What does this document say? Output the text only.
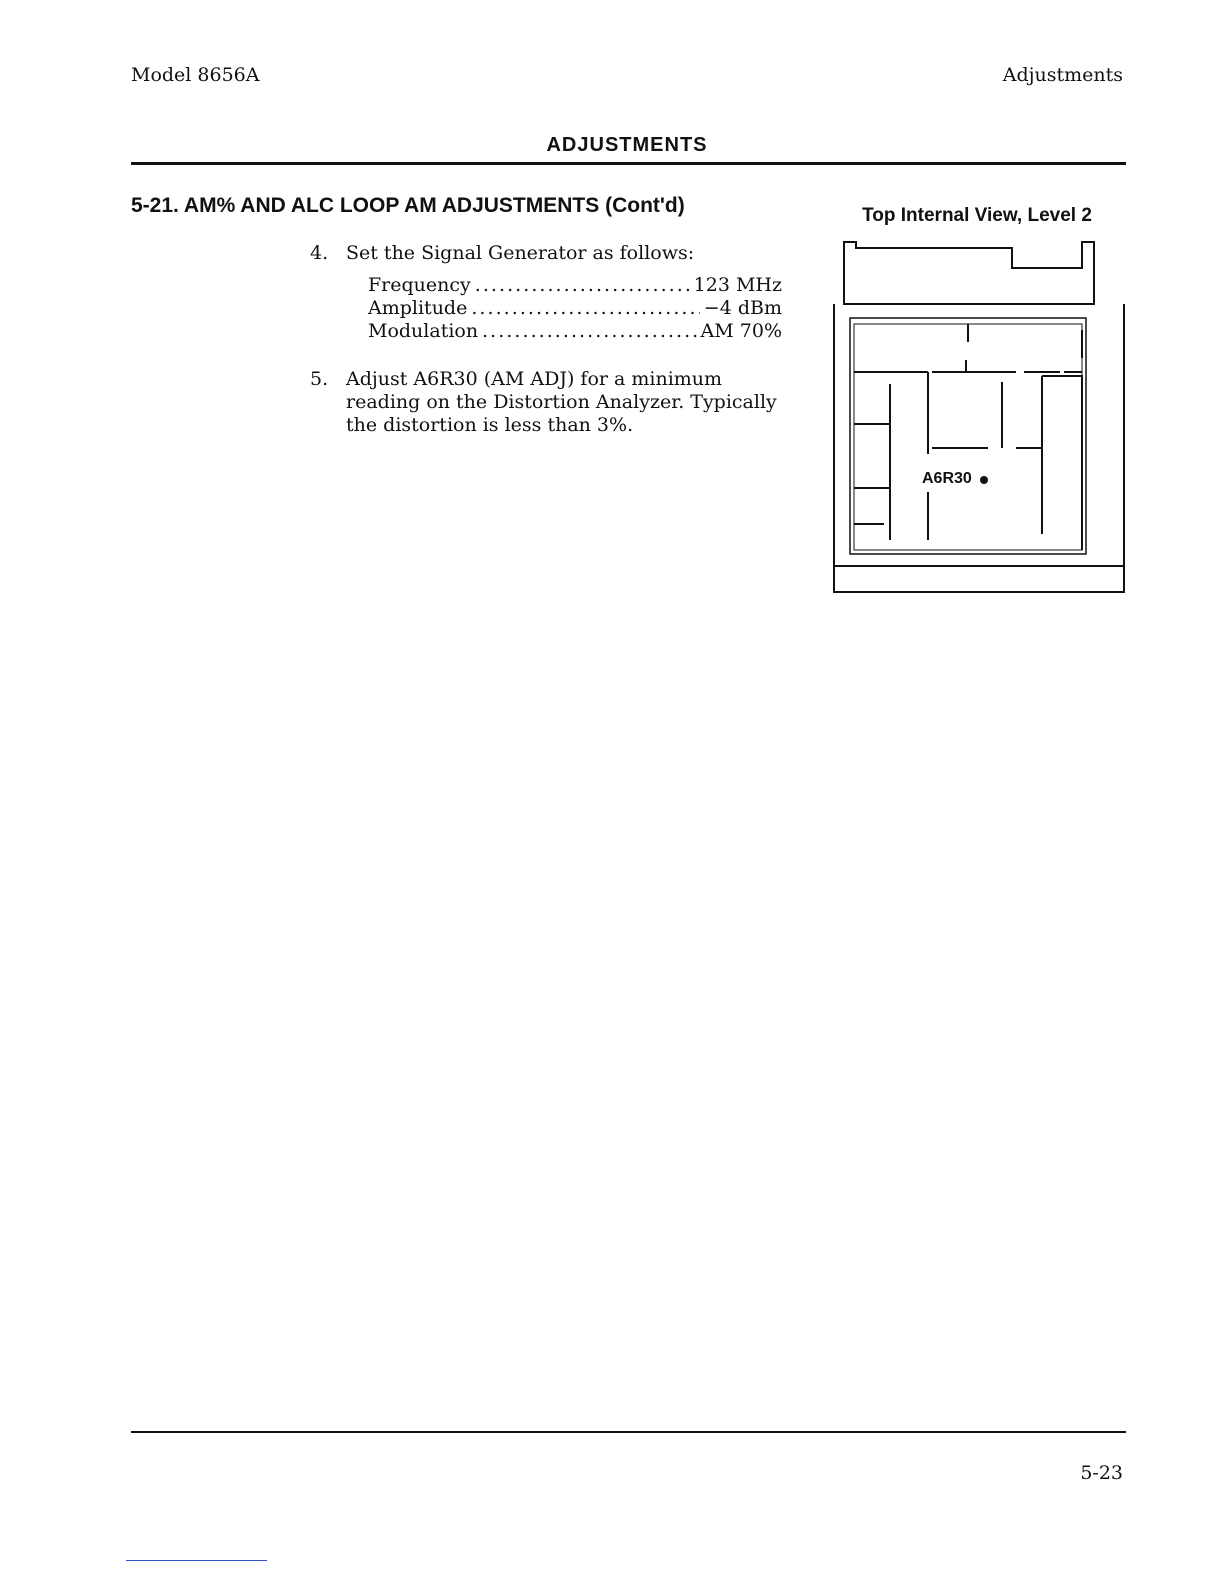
Model 8656A	Adjustments
ADJUSTMENTS
5-21. AM% AND ALC LOOP AM ADJUSTMENTS (Cont'd)
4. Set the Signal Generator as follows:
Frequency . . .	123 MHz
Amplitude . . .	−4 dBm
Modulation . . .	AM 70%
5. Adjust A6R30 (AM ADJ) for a minimum reading on the Distortion Analyzer. Typically the distortion is less than 3%.
Top Internal View, Level 2
A6R30
5-23
